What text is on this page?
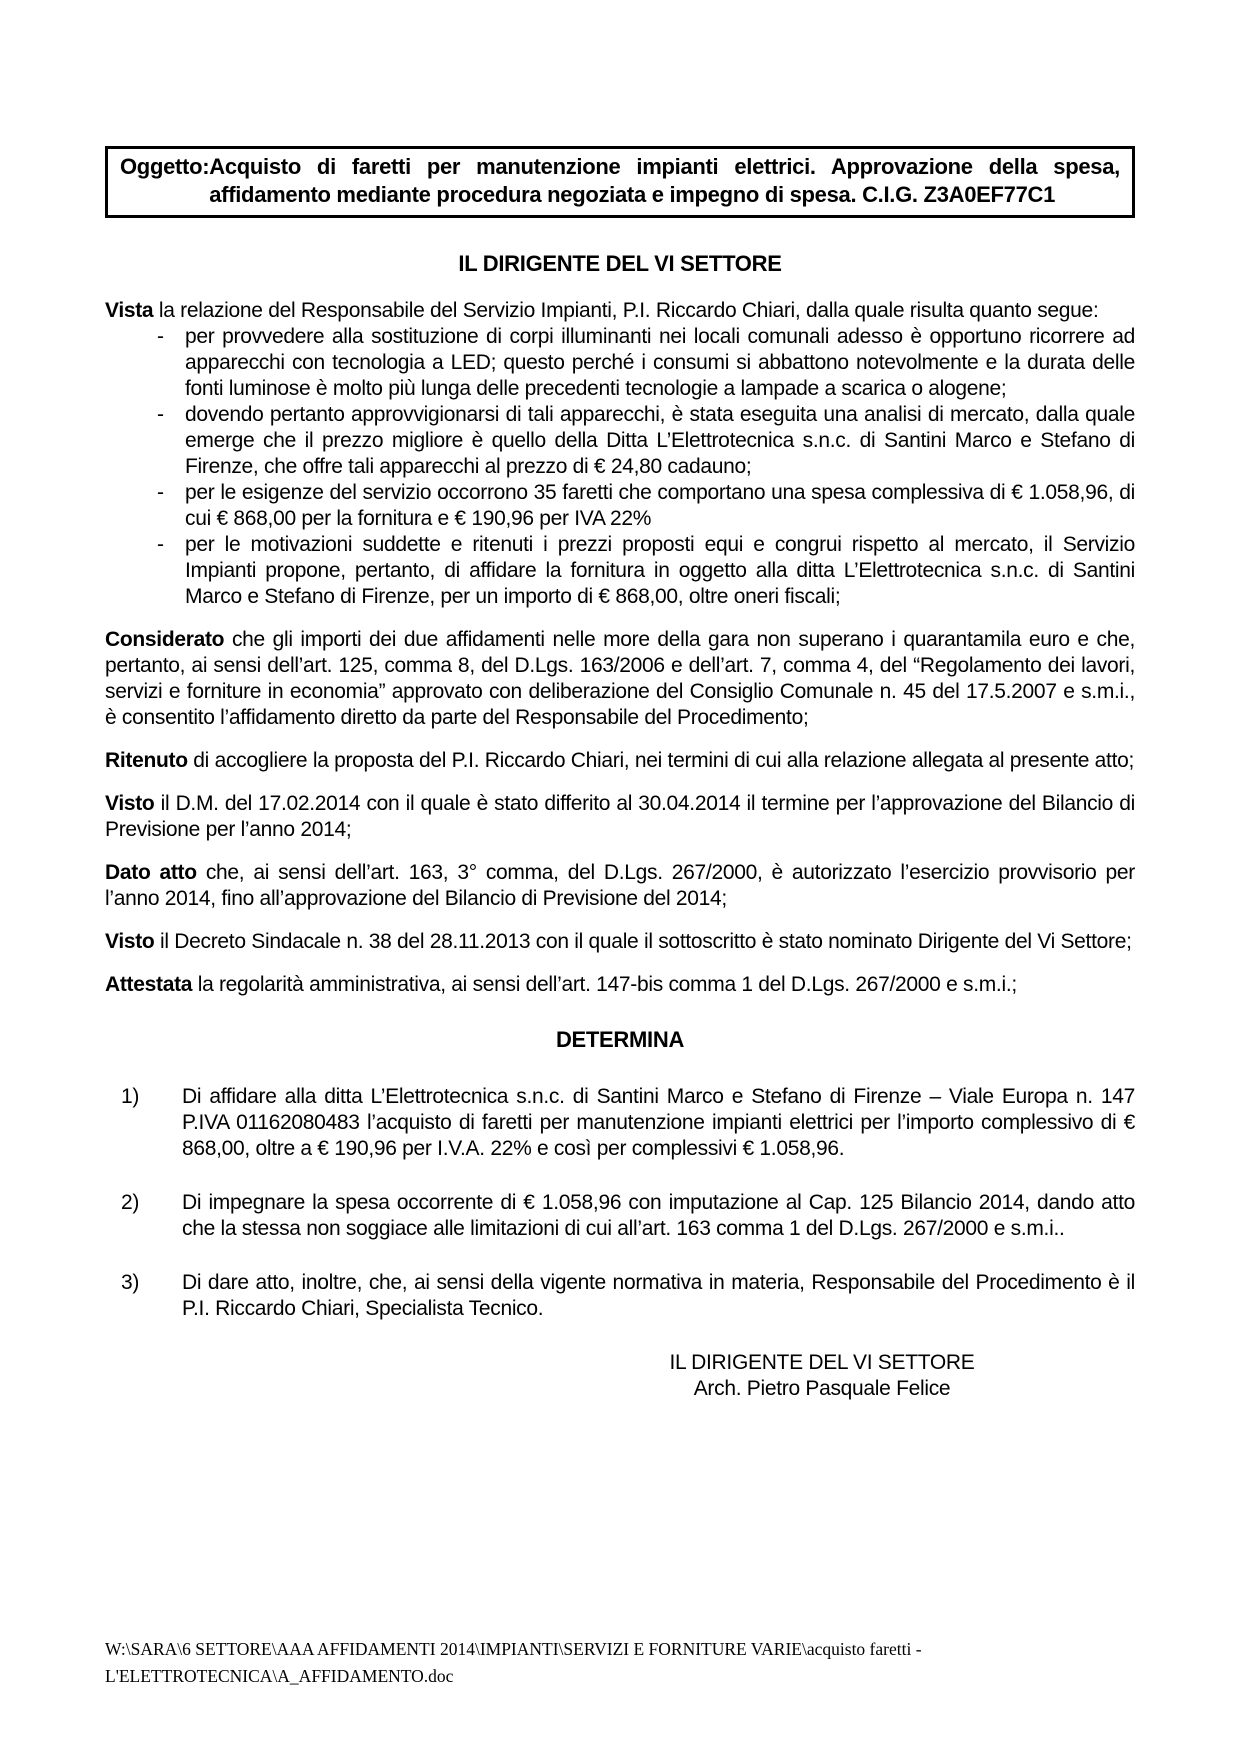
Oggetto: Acquisto di faretti per manutenzione impianti elettrici. Approvazione della spesa, affidamento mediante procedura negoziata e impegno di spesa. C.I.G. Z3A0EF77C1
IL DIRIGENTE DEL VI SETTORE

Vista la relazione del Responsabile del Servizio Impianti, P.I. Riccardo Chiari, dalla quale risulta quanto segue:

- per provvedere alla sostituzione di corpi illuminanti nei locali comunali adesso è opportuno ricorrere ad apparecchi con tecnologia a LED; questo perché i consumi si abbattono notevolmente e la durata delle fonti luminose è molto più lunga delle precedenti tecnologie a lampade a scarica o alogene;
- dovendo pertanto approvvigionarsi di tali apparecchi, è stata eseguita una analisi di mercato, dalla quale emerge che il prezzo migliore è quello della Ditta L’Elettrotecnica s.n.c. di Santini Marco e Stefano di Firenze, che offre tali apparecchi al prezzo di € 24,80 cadauno;
- per le esigenze del servizio occorrono 35 faretti che comportano una spesa complessiva di € 1.058,96, di cui € 868,00 per la fornitura e € 190,96 per IVA 22%
- per le motivazioni suddette e ritenuti i prezzi proposti equi e congrui rispetto al mercato, il Servizio Impianti propone, pertanto, di affidare la fornitura in oggetto alla ditta L’Elettrotecnica s.n.c. di Santini Marco e Stefano di Firenze, per un importo di € 868,00, oltre oneri fiscali;

Considerato che gli importi dei due affidamenti nelle more della gara non superano i quarantamila euro e che, pertanto, ai sensi dell’art. 125, comma 8, del D.Lgs. 163/2006 e dell’art. 7, comma 4, del “Regolamento dei lavori, servizi e forniture in economia” approvato con deliberazione del Consiglio Comunale n. 45 del 17.5.2007 e s.m.i., è consentito l’affidamento diretto da parte del Responsabile del Procedimento;

Ritenuto di accogliere la proposta del P.I. Riccardo Chiari, nei termini di cui alla relazione allegata al presente atto;

Visto il D.M. del 17.02.2014 con il quale è stato differito al 30.04.2014 il termine per l’approvazione del Bilancio di Previsione per l’anno 2014;

Dato atto che, ai sensi dell’art. 163, 3° comma, del D.Lgs. 267/2000, è autorizzato l’esercizio provvisorio per l’anno 2014, fino all’approvazione del Bilancio di Previsione del 2014;

Visto il Decreto Sindacale n. 38 del 28.11.2013 con il quale il sottoscritto è stato nominato Dirigente del Vi Settore;

Attestata la regolarità amministrativa, ai sensi dell’art. 147-bis comma 1 del D.Lgs. 267/2000 e s.m.i.;

DETERMINA
1) Di affidare alla ditta L’Elettrotecnica s.n.c. di Santini Marco e Stefano di Firenze – Viale Europa n. 147 P.IVA 01162080483 l’acquisto di faretti per manutenzione impianti elettrici per l’importo complessivo di € 868,00, oltre a € 190,96 per I.V.A. 22% e così per complessivi € 1.058,96.
2) Di impegnare la spesa occorrente di € 1.058,96 con imputazione al Cap. 125 Bilancio 2014, dando atto che la stessa non soggiace alle limitazioni di cui all’art. 163 comma 1 del D.Lgs. 267/2000 e s.m.i..
3) Di dare atto, inoltre, che, ai sensi della vigente normativa in materia, Responsabile del Procedimento è il P.I. Riccardo Chiari, Specialista Tecnico.
IL DIRIGENTE DEL VI SETTORE
Arch. Pietro Pasquale Felice
W:\SARA\6 SETTORE\AAA AFFIDAMENTI 2014\IMPIANTI\SERVIZI E FORNITURE VARIE\acquisto faretti - L'ELETTROTECNICA\A_AFFIDAMENTO.doc
